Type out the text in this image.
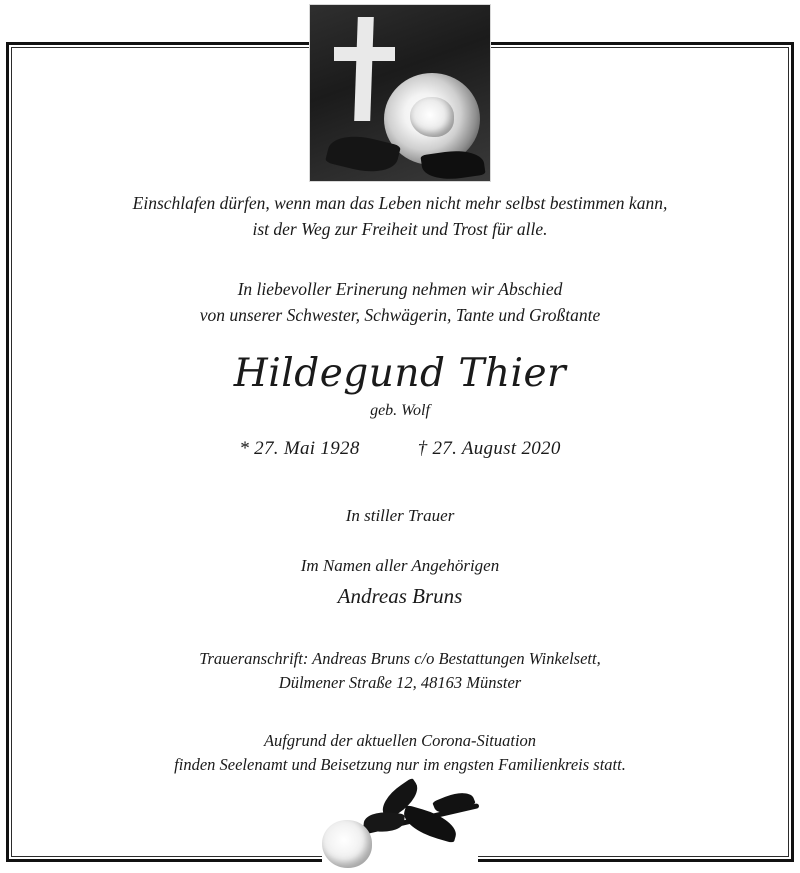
Einschlafen dürfen, wenn man das Leben nicht mehr selbst bestimmen kann,
ist der Weg zur Freiheit und Trost für alle.

In liebevoller Erinerung nehmen wir Abschied
von unserer Schwester, Schwägerin, Tante und Großtante

Hildegund Thier

geb. Wolf

* 27. Mai 1928	† 27. August 2020

In stiller Trauer

Im Namen aller Angehörigen

Andreas Bruns

Traueranschrift: Andreas Bruns c/o Bestattungen Winkelsett,
Dülmener Straße 12, 48163 Münster

Aufgrund der aktuellen Corona-Situation
finden Seelenamt und Beisetzung nur im engsten Familienkreis statt.
